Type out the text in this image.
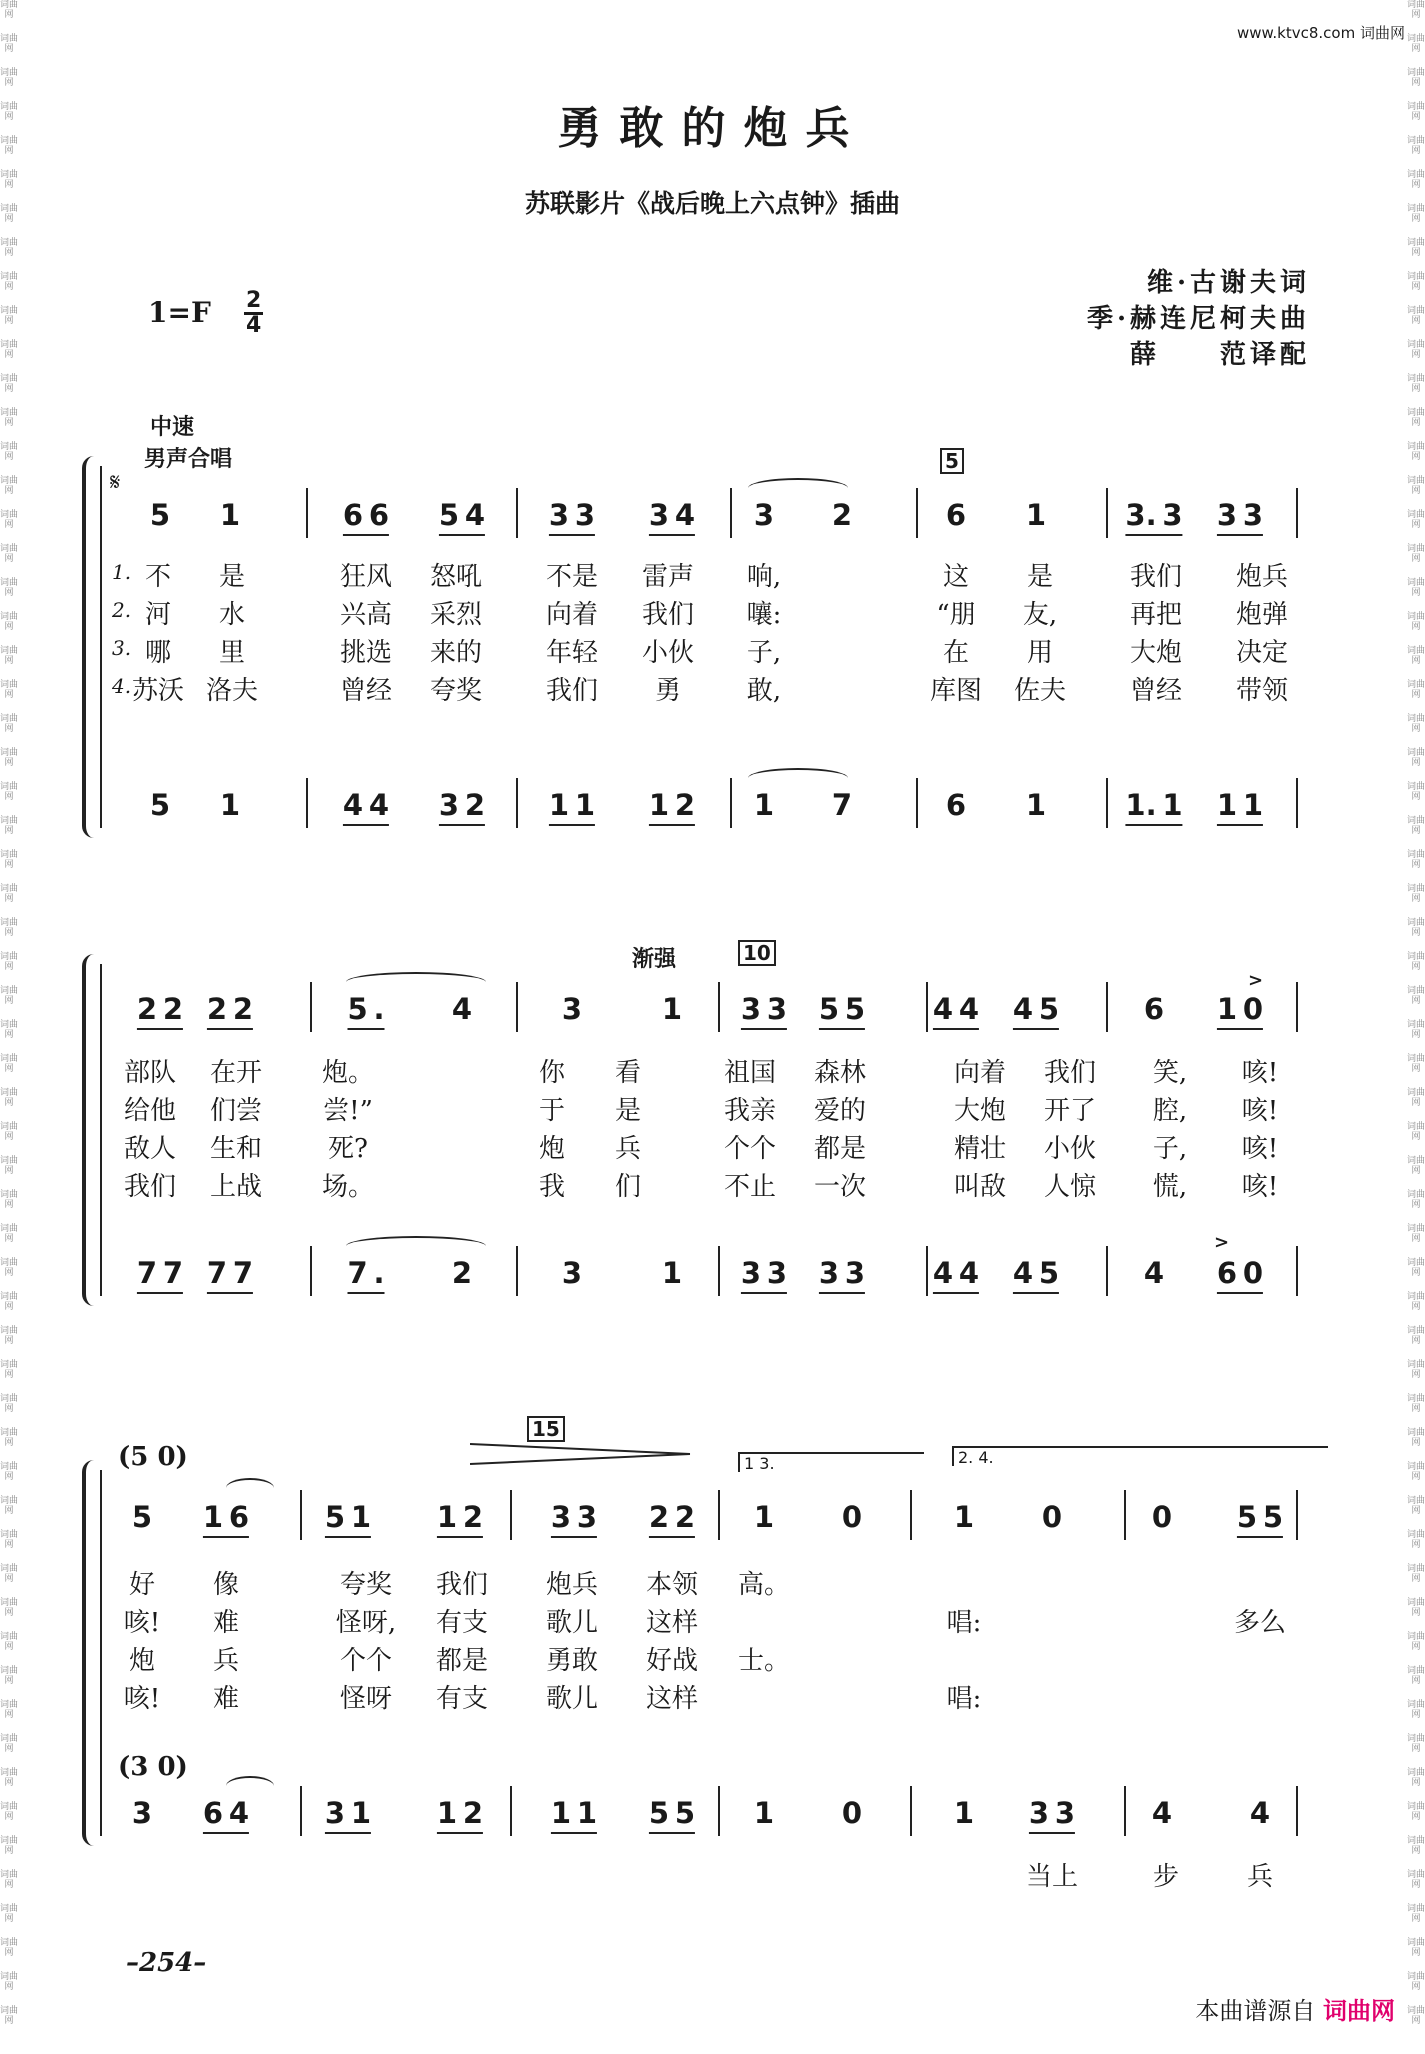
词曲网
词曲网
词曲网
词曲网
词曲网
词曲网
词曲网
词曲网
词曲网
词曲网
词曲网
词曲网
词曲网
词曲网
词曲网
词曲网
词曲网
词曲网
词曲网
词曲网
词曲网
词曲网
词曲网
词曲网
词曲网
词曲网
词曲网
词曲网
词曲网
词曲网
词曲网
词曲网
词曲网
词曲网
词曲网
词曲网
词曲网
词曲网
词曲网
词曲网
词曲网
词曲网
词曲网
词曲网
词曲网
词曲网
词曲网
词曲网
词曲网
词曲网
词曲网
词曲网
词曲网
词曲网
词曲网
词曲网
词曲网
词曲网
词曲网
词曲网
词曲网
词曲网
词曲网
词曲网
词曲网
词曲网
词曲网
词曲网
词曲网
词曲网
词曲网
词曲网
词曲网
词曲网
词曲网
词曲网
词曲网
词曲网
词曲网
词曲网
词曲网
词曲网
词曲网
词曲网
词曲网
词曲网
词曲网
词曲网
词曲网
词曲网
词曲网
词曲网
词曲网
词曲网
词曲网
词曲网
词曲网
词曲网
词曲网
词曲网
词曲网
词曲网
词曲网
词曲网
词曲网
词曲网
词曲网
词曲网
词曲网
词曲网
词曲网
词曲网
词曲网
词曲网
词曲网
词曲网
词曲网
词曲网
词曲网
词曲网
www.ktvc8.com 词曲网
勇敢的炮兵
苏联影片《战后晚上六点钟》插曲
维·古谢夫词
季·赫连尼柯夫曲
薛　　范译配
1=F 2
4
中速
男声合唱
𝄋
5 1	6 6 5 4 3 3 3 4 3 2	6 1	3. 3 3 3
5 1	4 4 3 2 1 1 1 2 1 7	6 1	1. 1 1 1
不 是	狂风 怒吼 不是 雷声 响,	这 是	我们 炮兵
河 水	兴高 采烈 向着 我们 嚷:	“朋 友,	再把 炮弹
哪 里	挑选 来的 年轻 小伙 子,	在 用	大炮 决定
苏沃 洛夫	曾经 夸奖 我们 勇	敢,	库图 佐夫 曾经 带领
1.
2.
3.
4.
2 2 2 2	5 . 4	3	1 3 3 5 5 4 4 4 5	6 1 0
7 7 7 7	7 . 2	3	1 3 3 3 3 4 4 4 5	4 6 0
部队 在开 炮。	你 看	祖国 森林	向着 我们 笑, 咳!
给他 们尝 尝!”	于 是	我亲 爱的	大炮 开了 腔, 咳!
敌人 生和	死?	炮 兵	个个 都是	精壮 小伙 子, 咳!
我们 上战 场。	我 们	不止 一次	叫敌 人惊 慌, 咳!
5 1 6	5 1 1 2 3 3 2 2 1 0	1 0	0 5 5
3 6 4	3 1 1 2 1 1 5 5 1 0	1 3 3	4	4
好 像	夸奖 我们 炮兵 本领 高。
咳! 难	怪呀, 有支 歌儿 这样	唱:	多么
炮 兵	个个 都是 勇敢 好战 士。
咳! 难	怪呀 有支 歌儿 这样	唱:
5
10
15
渐强
>
>
(3 0)
(5 0)	1 3.	2. 4.
当上	步	兵
–254–
本曲谱源自 词曲网
